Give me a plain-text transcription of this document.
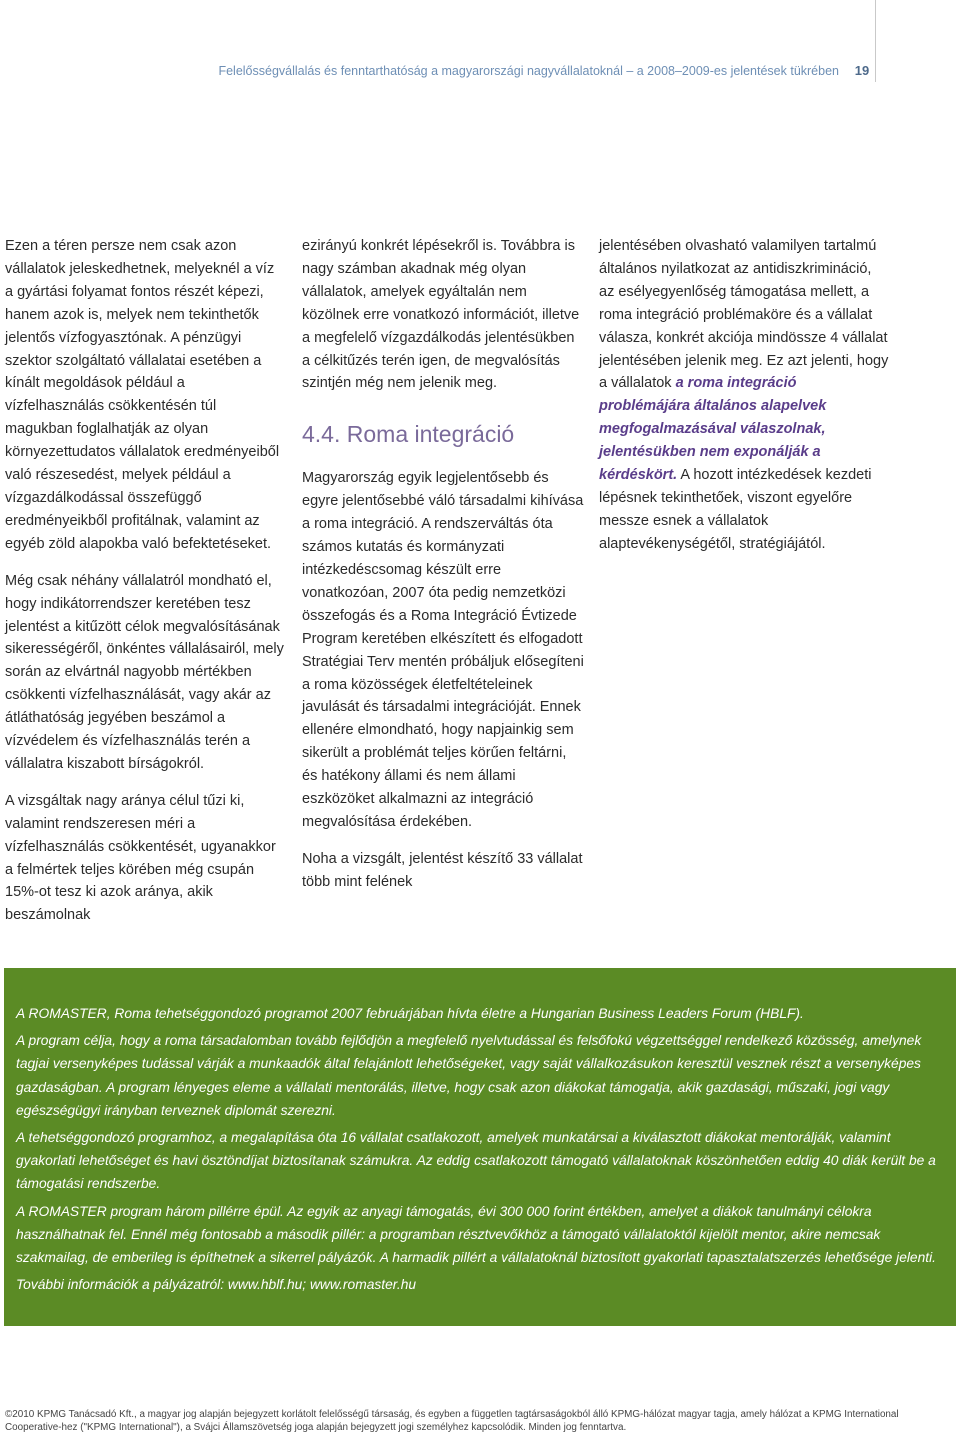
Felelősségvállalás és fenntarthatóság a magyarországi nagyvállalatoknál – a 2008–2009-es jelentések tükrében 19

Ezen a téren persze nem csak azon vállalatok jeleskedhetnek, melyeknél a víz a gyártási folyamat fontos részét képezi, hanem azok is, melyek nem tekinthetők jelentős vízfogyasztónak. A pénzügyi szektor szolgáltató vállalatai esetében a kínált megoldások például a vízfelhasználás csökkentésén túl magukban foglalhatják az olyan környezettudatos vállalatok eredményeiből való részesedést, melyek például a vízgazdálkodással összefüggő eredményeikből profitálnak, valamint az egyéb zöld alapokba való befektetéseket.

Még csak néhány vállalatról mondható el, hogy indikátorrendszer keretében tesz jelentést a kitűzött célok megvalósításának sikerességéről, önkéntes vállalásairól, mely során az elvártnál nagyobb mértékben csökkenti vízfelhasználását, vagy akár az átláthatóság jegyében beszámol a vízvédelem és vízfelhasználás terén a vállalatra kiszabott bírságokról.

A vizsgáltak nagy aránya célul tűzi ki, valamint rendszeresen méri a vízfelhasználás csökkentését, ugyanakkor a felmértek teljes körében még csupán 15%-ot tesz ki azok aránya, akik beszámolnak

ezirányú konkrét lépésekről is. Továbbra is nagy számban akadnak még olyan vállalatok, amelyek egyáltalán nem közölnek erre vonatkozó információt, illetve a megfelelő vízgazdálkodás jelentésükben a célkitűzés terén igen, de megvalósítás szintjén még nem jelenik meg.

4.4. Roma integráció

Magyarország egyik legjelentősebb és egyre jelentősebbé váló társadalmi kihívása a roma integráció. A rendszerváltás óta számos kutatás és kormányzati intézkedéscsomag készült erre vonatkozóan, 2007 óta pedig nemzetközi összefogás és a Roma Integráció Évtizede Program keretében elkészített és elfogadott Stratégiai Terv mentén próbáljuk elősegíteni a roma közösségek életfeltételeinek javulását és társadalmi integrációját. Ennek ellenére elmondható, hogy napjainkig sem sikerült a problémát teljes körűen feltárni, és hatékony állami és nem állami eszközöket alkalmazni az integráció megvalósítása érdekében.

Noha a vizsgált, jelentést készítő 33 vállalat több mint felének

jelentésében olvasható valamilyen tartalmú általános nyilatkozat az antidiszkrimináció, az esélyegyenlőség támogatása mellett, a roma integráció problémaköre és a vállalat válasza, konkrét akciója mindössze 4 vállalat jelentésében jelenik meg. Ez azt jelenti, hogy a vállalatok a roma integráció problémájára általános alapelvek megfogalmazásával válaszolnak, jelentésükben nem exponálják a kérdéskört. A hozott intézkedések kezdeti lépésnek tekinthetőek, viszont egyelőre messze esnek a vállalatok alaptevékenységétől, stratégiájától.

A ROMASTER, Roma tehetséggondozó programot 2007 februárjában hívta életre a Hungarian Business Leaders Forum (HBLF).

A program célja, hogy a roma társadalomban tovább fejlődjön a megfelelő nyelvtudással és felsőfokú végzettséggel rendelkező közösség, amelynek tagjai versenyképes tudással várják a munkaadók által felajánlott lehetőségeket, vagy saját vállalkozásukon keresztül vesznek részt a versenyképes gazdaságban. A program lényeges eleme a vállalati mentorálás, illetve, hogy csak azon diákokat támogatja, akik gazdasági, műszaki, jogi vagy egészségügyi irányban terveznek diplomát szerezni.

A tehetséggondozó programhoz, a megalapítása óta 16 vállalat csatlakozott, amelyek munkatársai a kiválasztott diákokat mentorálják, valamint gyakorlati lehetőséget és havi ösztöndíjat biztosítanak számukra. Az eddig csatlakozott támogató vállalatoknak köszönhetően eddig 40 diák került be a támogatási rendszerbe.

A ROMASTER program három pillérre épül. Az egyik az anyagi támogatás, évi 300 000 forint értékben, amelyet a diákok tanulmányi célokra használhatnak fel. Ennél még fontosabb a második pillér: a programban résztvevőkhöz a támogató vállalatoktól kijelölt mentor, akire nemcsak szakmailag, de emberileg is építhetnek a sikerrel pályázók. A harmadik pillért a vállalatoknál biztosított gyakorlati tapasztalatszerzés lehetősége jelenti.

További információk a pályázatról: www.hblf.hu; www.romaster.hu

©2010 KPMG Tanácsadó Kft., a magyar jog alapján bejegyzett korlátolt felelősségű társaság, és egyben a független tagtársaságokból álló KPMG-hálózat magyar tagja, amely hálózat a KPMG International Cooperative-hez ("KPMG International"), a Svájci Államszövetség joga alapján bejegyzett jogi személyhez kapcsolódik. Minden jog fenntartva.
